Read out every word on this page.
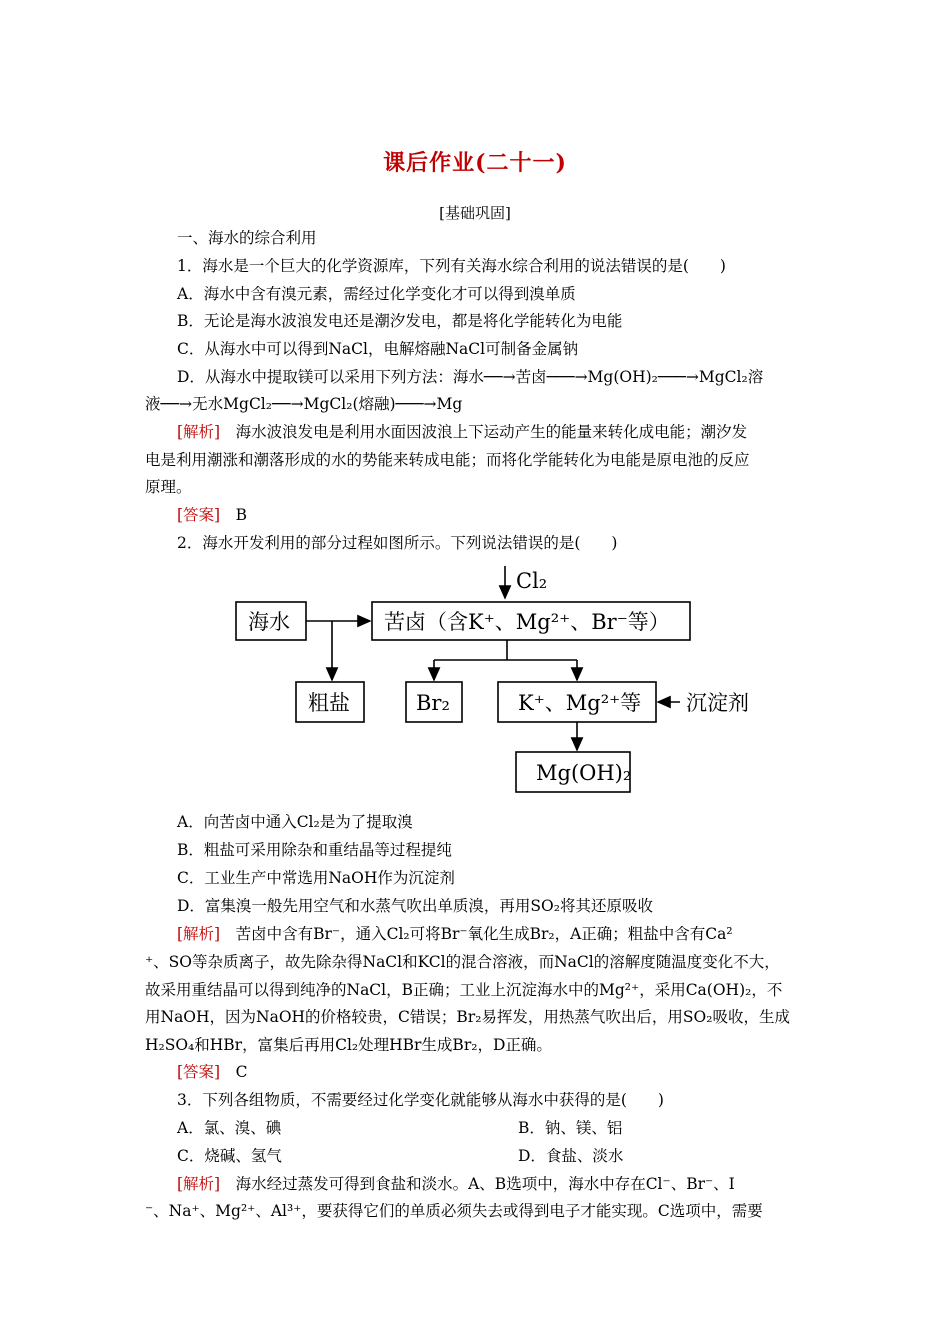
课后作业(二十一)
[基础巩固]
一、海水的综合利用
1．海水是一个巨大的化学资源库，下列有关海水综合利用的说法错误的是(　　)
A．海水中含有溴元素，需经过化学变化才可以得到溴单质
B．无论是海水波浪发电还是潮汐发电，都是将化学能转化为电能
C．从海水中可以得到NaCl，电解熔融NaCl可制备金属钠
D．从海水中提取镁可以采用下列方法：海水──→苦卤───→Mg(OH)₂───→MgCl₂溶
液──→无水MgCl₂──→MgCl₂(熔融)───→Mg
[解析]　海水波浪发电是利用水面因波浪上下运动产生的能量来转化成电能；潮汐发
电是利用潮涨和潮落形成的水的势能来转成电能；而将化学能转化为电能是原电池的反应
原理。
[答案]　B
2．海水开发利用的部分过程如图所示。下列说法错误的是(　　)
Cl₂
海水	苦卤（含K⁺、Mg²⁺、Br⁻等）
粗盐	Br₂	K⁺、Mg²⁺等 沉淀剂
Mg(OH)₂
A．向苦卤中通入Cl₂是为了提取溴
B．粗盐可采用除杂和重结晶等过程提纯
C．工业生产中常选用NaOH作为沉淀剂
D．富集溴一般先用空气和水蒸气吹出单质溴，再用SO₂将其还原吸收
[解析]　苦卤中含有Br⁻，通入Cl₂可将Br⁻氧化生成Br₂，A正确；粗盐中含有Ca²
⁺、SO等杂质离子，故先除杂得NaCl和KCl的混合溶液，而NaCl的溶解度随温度变化不大，
故采用重结晶可以得到纯净的NaCl，B正确；工业上沉淀海水中的Mg²⁺，采用Ca(OH)₂，不
用NaOH，因为NaOH的价格较贵，C错误；Br₂易挥发，用热蒸气吹出后，用SO₂吸收，生成
H₂SO₄和HBr，富集后再用Cl₂处理HBr生成Br₂，D正确。
[答案]　C
3．下列各组物质，不需要经过化学变化就能够从海水中获得的是(　　)
A．氯、溴、碘	B．钠、镁、铝
C．烧碱、氢气	D．食盐、淡水
[解析]　海水经过蒸发可得到食盐和淡水。A、B选项中，海水中存在Cl⁻、Br⁻、I
⁻、Na⁺、Mg²⁺、Al³⁺，要获得它们的单质必须失去或得到电子才能实现。C选项中，需要
